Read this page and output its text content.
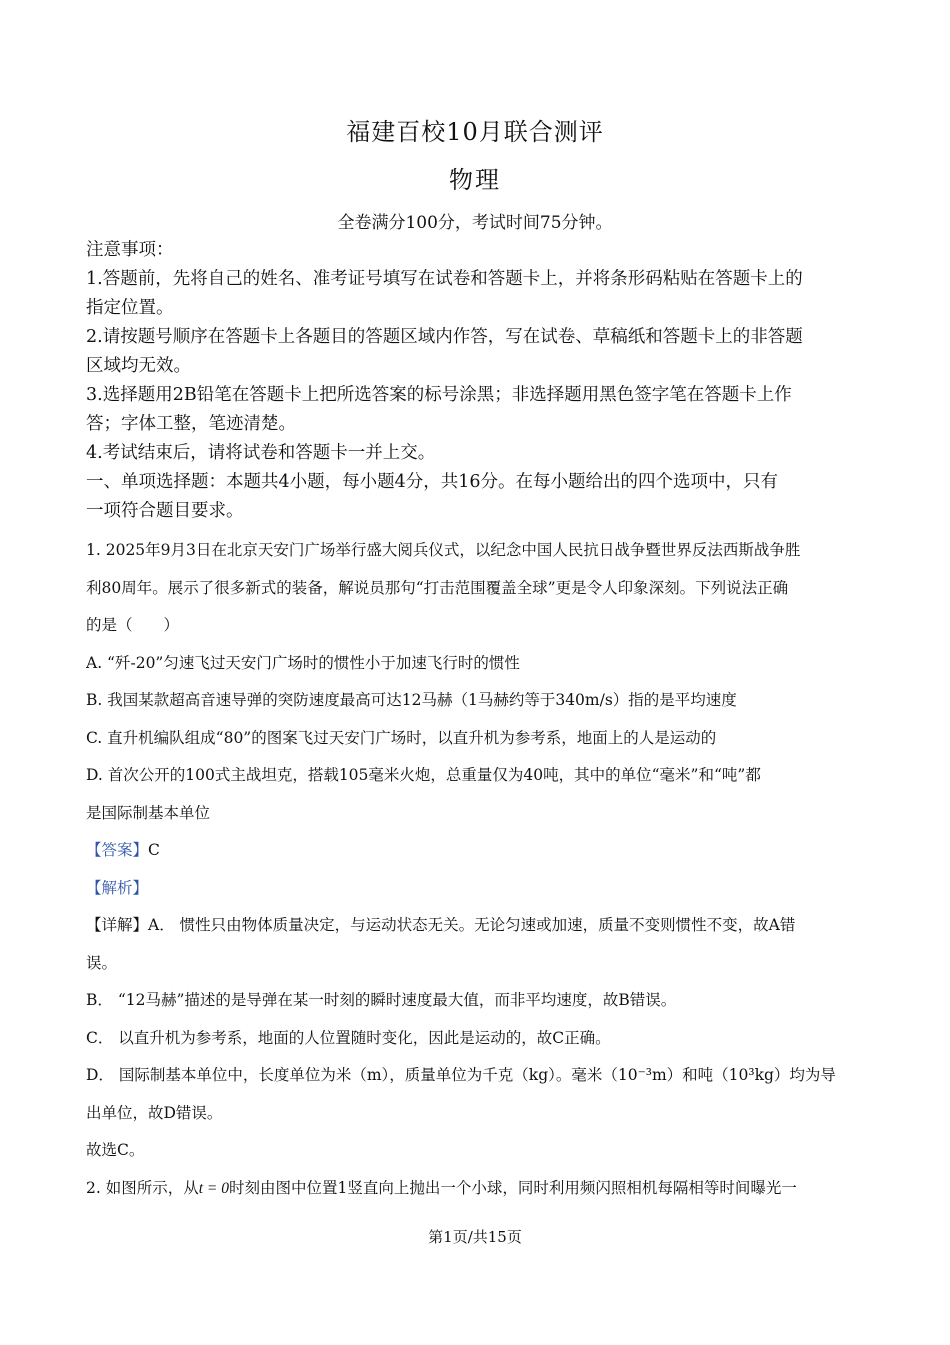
福建百校10月联合测评
物理
全卷满分100分，考试时间75分钟。
注意事项：
1.答题前，先将自己的姓名、准考证号填写在试卷和答题卡上，并将条形码粘贴在答题卡上的
指定位置。
2.请按题号顺序在答题卡上各题目的答题区域内作答，写在试卷、草稿纸和答题卡上的非答题
区域均无效。
3.选择题用2B铅笔在答题卡上把所选答案的标号涂黑；非选择题用黑色签字笔在答题卡上作
答；字体工整，笔迹清楚。
4.考试结束后，请将试卷和答题卡一并上交。
一、单项选择题：本题共4小题，每小题4分，共16分。在每小题给出的四个选项中，只有
一项符合题目要求。
1. 2025年9月3日在北京天安门广场举行盛大阅兵仪式，以纪念中国人民抗日战争暨世界反法西斯战争胜
利80周年。展示了很多新式的装备，解说员那句“打击范围覆盖全球”更是令人印象深刻。下列说法正确
的是（　　）
A. “歼-20”匀速飞过天安门广场时的惯性小于加速飞行时的惯性
B. 我国某款超高音速导弹的突防速度最高可达12马赫（1马赫约等于340m/s）指的是平均速度
C. 直升机编队组成“80”的图案飞过天安门广场时，以直升机为参考系，地面上的人是运动的
D. 首次公开的100式主战坦克，搭载105毫米火炮，总重量仅为40吨，其中的单位“毫米”和“吨”都
是国际制基本单位
【答案】C
【解析】
【详解】A． 惯性只由物体质量决定，与运动状态无关。无论匀速或加速，质量不变则惯性不变，故A错
误。
B． “12马赫”描述的是导弹在某一时刻的瞬时速度最大值，而非平均速度，故B错误。
C． 以直升机为参考系，地面的人位置随时变化，因此是运动的，故C正确。
D． 国际制基本单位中，长度单位为米（m），质量单位为千克（kg）。毫米（10⁻³m）和吨（10³kg）均为导
出单位，故D错误。
故选C。
2. 如图所示，从t = 0时刻由图中位置1竖直向上抛出一个小球，同时利用频闪照相机每隔相等时间曝光一
第1页/共15页
